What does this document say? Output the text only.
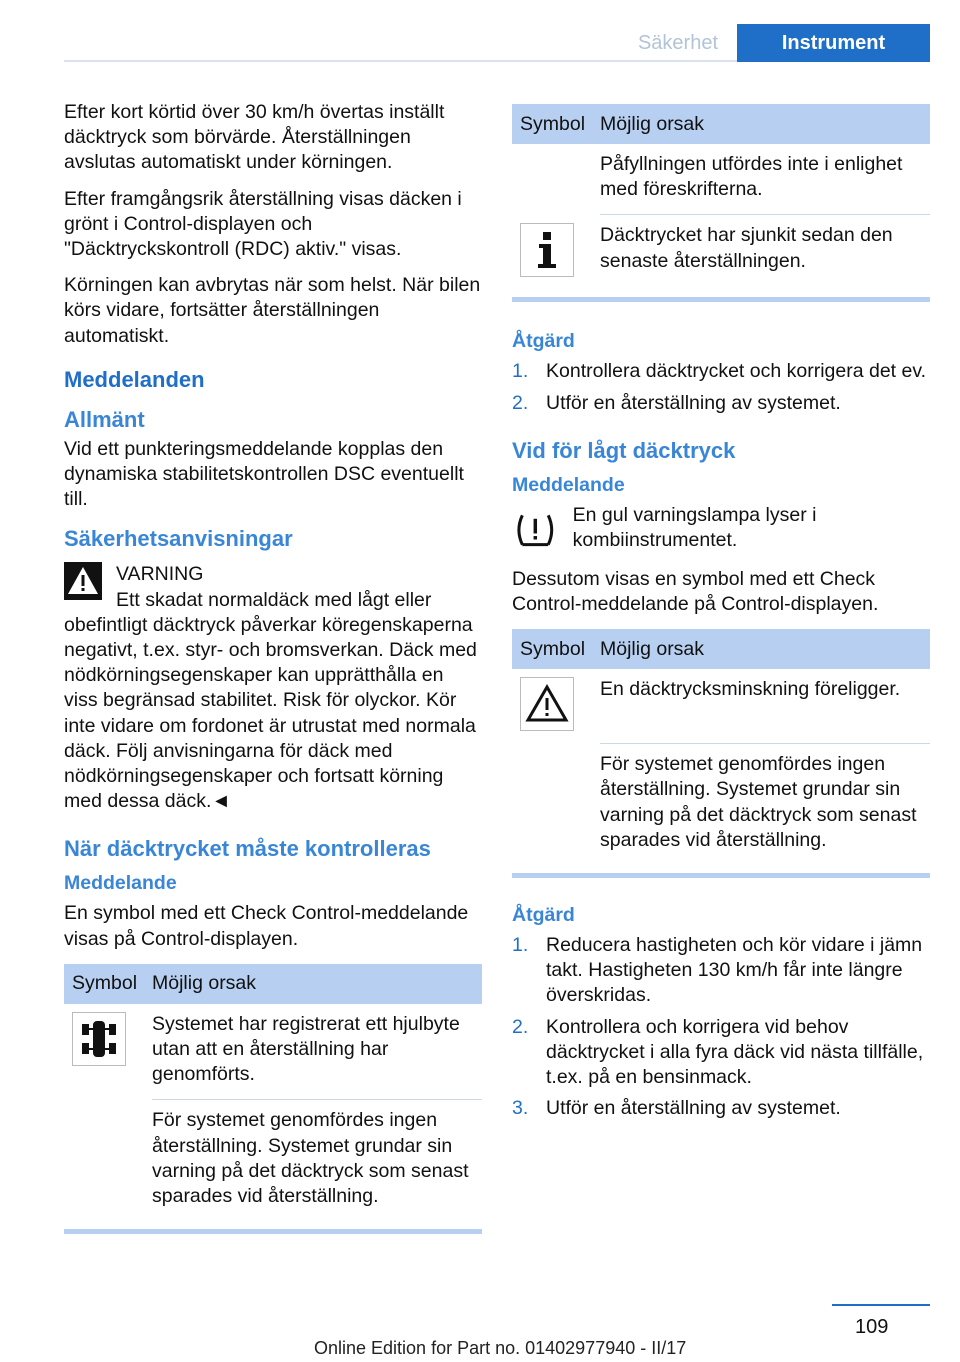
Säkerhet	Instrument

Efter kort körtid över 30 km/h övertas inställt däcktryck som börvärde. Återställningen avslutas automatiskt under körningen.

Efter framgångsrik återställning visas däcken i grönt i Control-displayen och "Däcktryckskontroll (RDC) aktiv." visas.

Körningen kan avbrytas när som helst. När bilen körs vidare, fortsätter återställningen automatiskt.

Meddelanden
Allmänt

Vid ett punkteringsmeddelande kopplas den dynamiska stabilitetskontrollen DSC eventuellt till.

Säkerhetsanvisningar
VARNING
Ett skadat normaldäck med lågt eller

obefintligt däcktryck påverkar köregenskaperna negativt, t.ex. styr- och bromsverkan. Däck med nödkörningsegenskaper kan upprätthålla en viss begränsad stabilitet. Risk för olyckor. Kör inte vidare om fordonet är utrustat med normala däck. Följ anvisningarna för däck med nödkörningsegenskaper och fortsatt körning med dessa däck.◄

När däcktrycket måste kontrolleras
Meddelande

En symbol med ett Check Control-meddelande visas på Control-displayen.

Symbol Möjlig orsak
Systemet har registrerat ett hjulbyte utan att en återställning har genomförts.
För systemet genomfördes ingen återställning. Systemet grundar sin varning på det däcktryck som senast sparades vid återställning.
Symbol Möjlig orsak
Påfyllningen utfördes inte i enlighet med föreskrifterna.
Däcktrycket har sjunkit sedan den senaste återställningen.
Åtgärd
1. Kontrollera däcktrycket och korrigera det ev.
2. Utför en återställning av systemet.
Vid för lågt däcktryck
Meddelande
En gul varningslampa lyser i kombiinstrumentet.

Dessutom visas en symbol med ett Check Control-meddelande på Control-displayen.

Symbol Möjlig orsak
En däcktrycksminskning föreligger.
För systemet genomfördes ingen återställning. Systemet grundar sin varning på det däcktryck som senast sparades vid återställning.
Åtgärd
1. Reducera hastigheten och kör vidare i jämn takt. Hastigheten 130 km/h får inte längre överskridas.
2. Kontrollera och korrigera vid behov däcktrycket i alla fyra däck vid nästa tillfälle, t.ex. på en bensinmack.
3. Utför en återställning av systemet.
109
Online Edition for Part no. 01402977940 - II/17
